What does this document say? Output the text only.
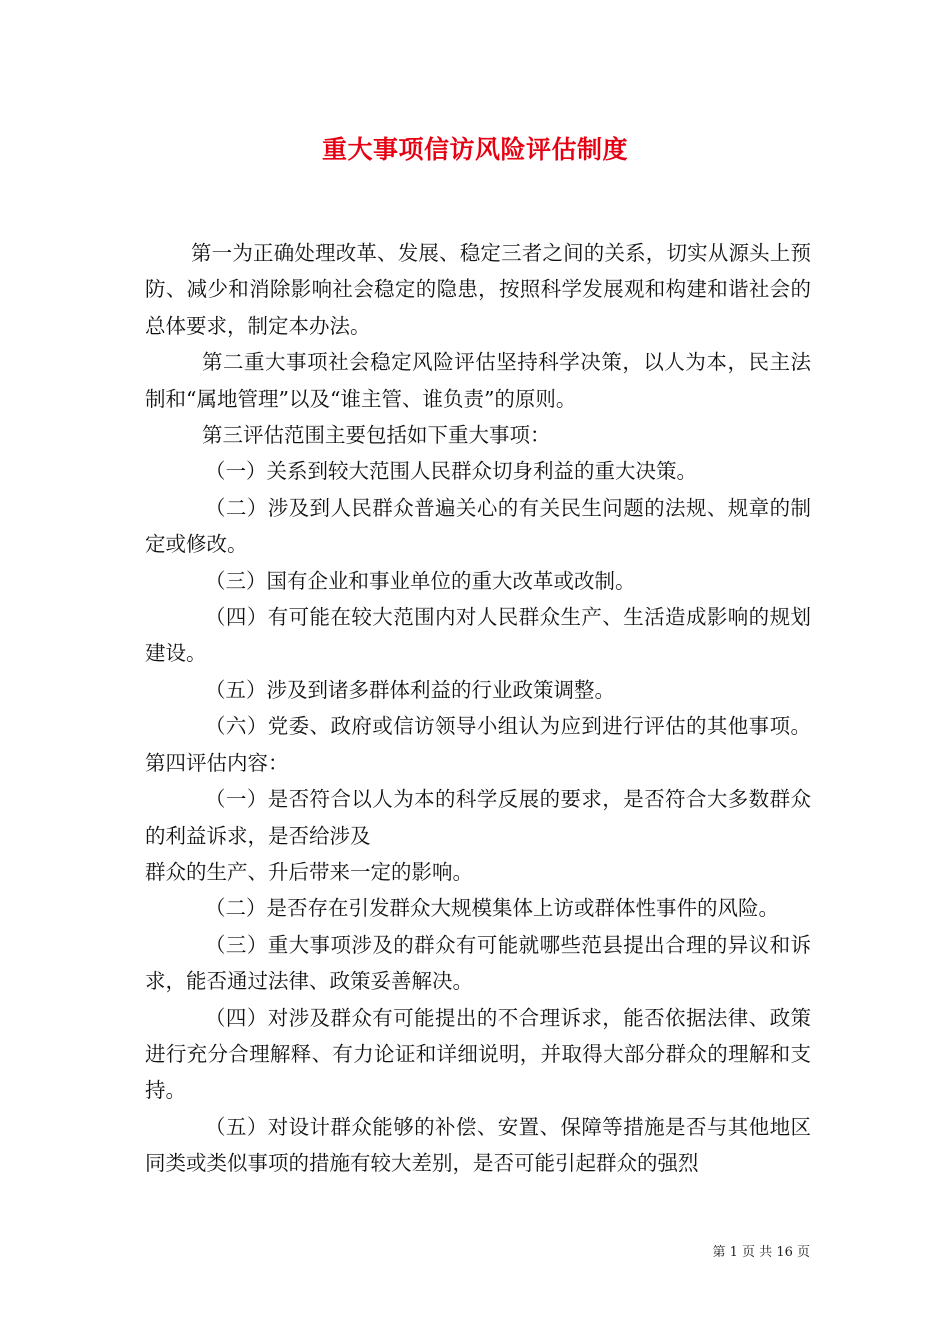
重大事项信访风险评估制度

第一为正确处理改革、发展、稳定三者之间的关系，切实从源头上预防、减少和消除影响社会稳定的隐患，按照科学发展观和构建和谐社会的总体要求，制定本办法。

第二重大事项社会稳定风险评估坚持科学决策，以人为本，民主法制和“属地管理”以及“谁主管、谁负责”的原则。

第三评估范围主要包括如下重大事项：

（一）关系到较大范围人民群众切身利益的重大决策。

（二）涉及到人民群众普遍关心的有关民生问题的法规、规章的制定或修改。

（三）国有企业和事业单位的重大改革或改制。

（四）有可能在较大范围内对人民群众生产、生活造成影响的规划建设。

（五）涉及到诸多群体利益的行业政策调整。

（六）党委、政府或信访领导小组认为应到进行评估的其他事项。第四评估内容：

（一）是否符合以人为本的科学反展的要求，是否符合大多数群众的利益诉求，是否给涉及

群众的生产、升后带来一定的影响。

（二）是否存在引发群众大规模集体上访或群体性事件的风险。

（三）重大事项涉及的群众有可能就哪些范县提出合理的异议和诉求，能否通过法律、政策妥善解决。

（四）对涉及群众有可能提出的不合理诉求，能否依据法律、政策进行充分合理解释、有力论证和详细说明，并取得大部分群众的理解和支持。

（五）对设计群众能够的补偿、安置、保障等措施是否与其他地区同类或类似事项的措施有较大差别，是否可能引起群众的强烈

第 1 页 共 16 页
